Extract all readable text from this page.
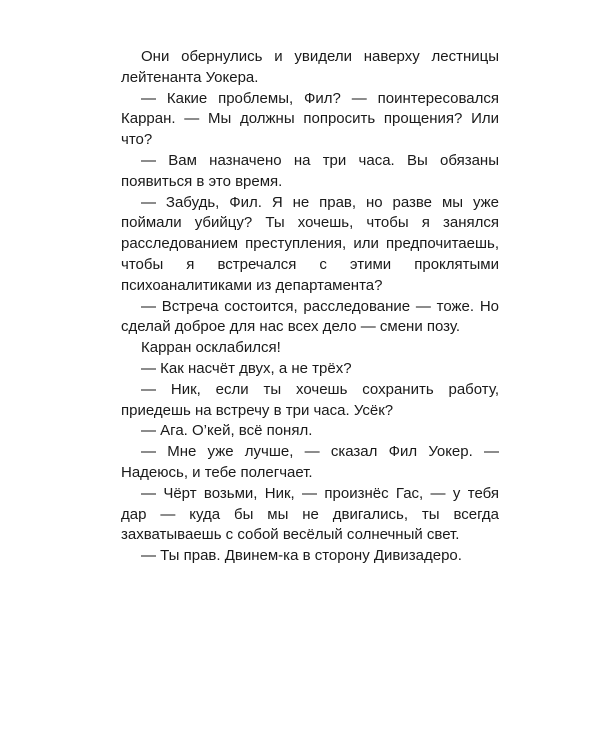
Они обернулись и увидели наверху лестницы лейтенанта Уокера.

— Какие проблемы, Фил? — поинтересовался Карран. — Мы должны попросить прощения? Или что?

— Вам назначено на три часа. Вы обязаны появиться в это время.

— Забудь, Фил. Я не прав, но разве мы уже поймали убийцу? Ты хочешь, чтобы я занялся расследованием преступления, или предпочитаешь, чтобы я встречался с этими проклятыми психоаналитиками из департамента?

— Встреча состоится, расследование — тоже. Но сделай доброе для нас всех дело — смени позу.

Карран осклабился!

— Как насчёт двух, а не трёх?

— Ник, если ты хочешь сохранить работу, приедешь на встречу в три часа. Усёк?

— Ага. О’кей, всё понял.

— Мне уже лучше, — сказал Фил Уокер. — Надеюсь, и тебе полегчает.

— Чёрт возьми, Ник, — произнёс Гас, — у тебя дар — куда бы мы не двигались, ты всегда захватываешь с собой весёлый солнечный свет.

— Ты прав. Двинем-ка в сторону Дивизадеро.
